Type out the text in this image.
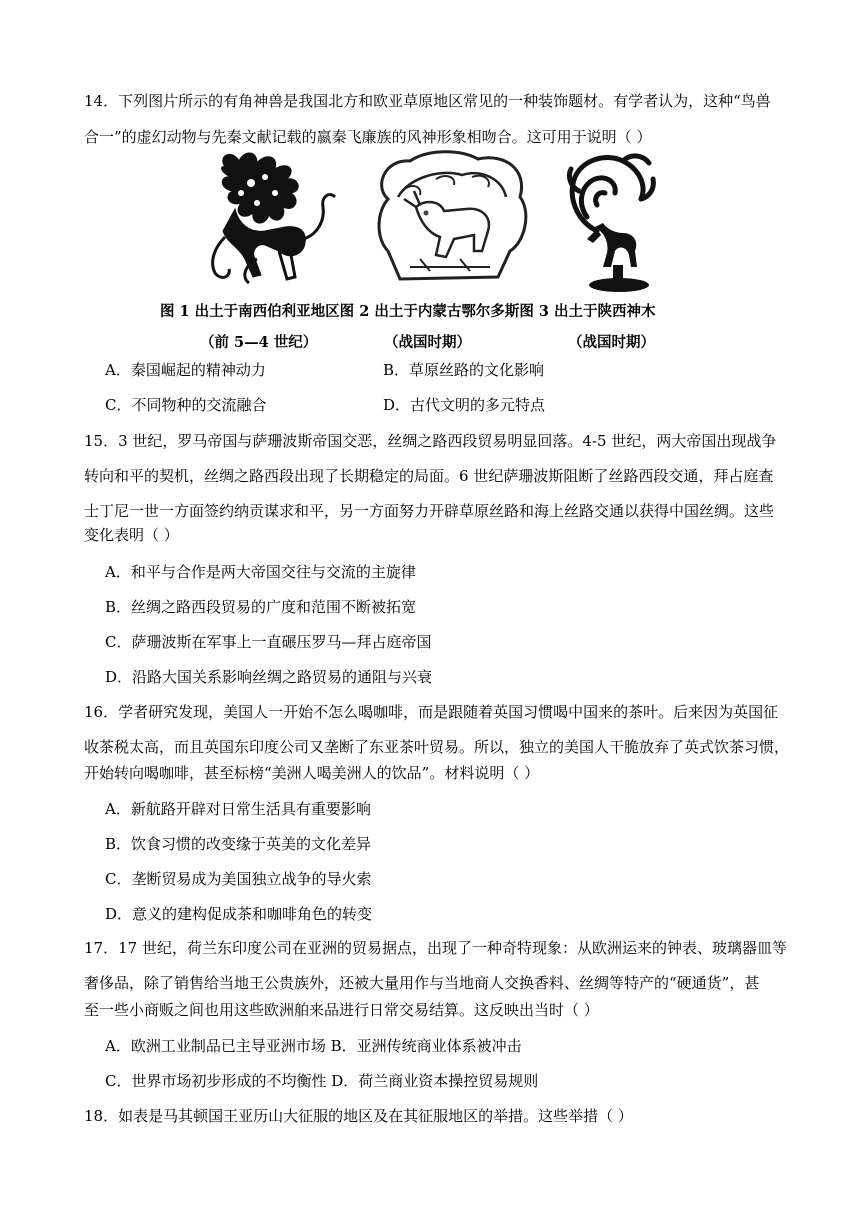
14．下列图片所示的有角神兽是我国北方和欧亚草原地区常见的一种装饰题材。有学者认为，这种“鸟兽
合一”的虚幻动物与先秦文献记载的嬴秦飞廉族的风神形象相吻合。这可用于说明（ ）
图 1 出土于南西伯利亚地区图 2 出土于内蒙古鄂尔多斯图 3 出土于陕西神木
（前 5—4 世纪）	（战国时期）	（战国时期）
A．秦国崛起的精神动力	B．草原丝路的文化影响
C．不同物种的交流融合	D．古代文明的多元特点
15．3 世纪，罗马帝国与萨珊波斯帝国交恶，丝绸之路西段贸易明显回落。4-5 世纪，两大帝国出现战争
转向和平的契机，丝绸之路西段出现了长期稳定的局面。6 世纪萨珊波斯阻断了丝路西段交通，拜占庭查
士丁尼一世一方面签约纳贡谋求和平，另一方面努力开辟草原丝路和海上丝路交通以获得中国丝绸。这些
变化表明（ ）
A．和平与合作是两大帝国交往与交流的主旋律
B．丝绸之路西段贸易的广度和范围不断被拓宽
C．萨珊波斯在军事上一直碾压罗马—拜占庭帝国
D．沿路大国关系影响丝绸之路贸易的通阻与兴衰
16．学者研究发现，美国人一开始不怎么喝咖啡，而是跟随着英国习惯喝中国来的茶叶。后来因为英国征
收茶税太高，而且英国东印度公司又垄断了东亚茶叶贸易。所以，独立的美国人干脆放弃了英式饮茶习惯，
开始转向喝咖啡，甚至标榜“美洲人喝美洲人的饮品”。材料说明（ ）
A．新航路开辟对日常生活具有重要影响
B．饮食习惯的改变缘于英美的文化差异
C．垄断贸易成为美国独立战争的导火索
D．意义的建构促成茶和咖啡角色的转变
17．17 世纪，荷兰东印度公司在亚洲的贸易据点，出现了一种奇特现象：从欧洲运来的钟表、玻璃器皿等
奢侈品，除了销售给当地王公贵族外，还被大量用作与当地商人交换香料、丝绸等特产的“硬通货”，甚
至一些小商贩之间也用这些欧洲舶来品进行日常交易结算。这反映出当时（ ）
A．欧洲工业制品已主导亚洲市场 B．亚洲传统商业体系被冲击
C．世界市场初步形成的不均衡性 D．荷兰商业资本操控贸易规则
18．如表是马其顿国王亚历山大征服的地区及在其征服地区的举措。这些举措（ ）
